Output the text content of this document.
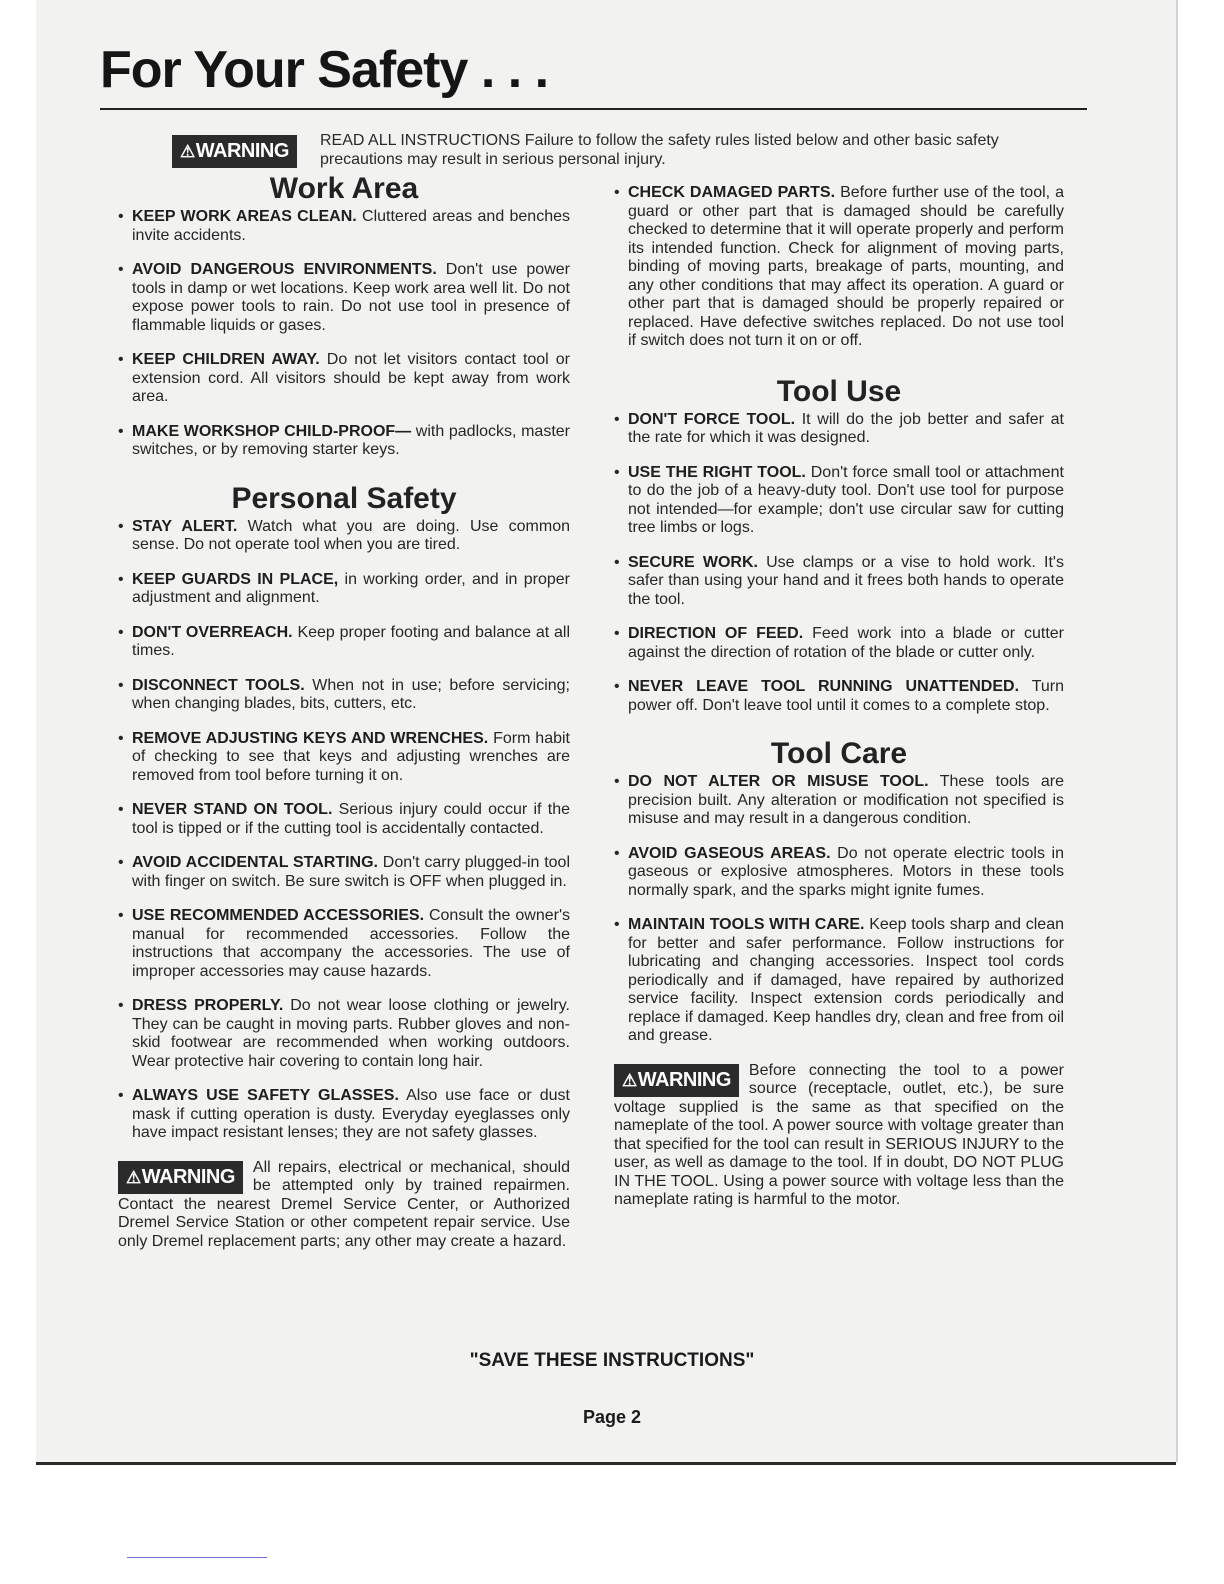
For Your Safety . . .
⚠WARNING	READ ALL INSTRUCTIONS Failure to follow the safety rules listed below and other basic safety precautions may result in serious personal injury.
Work Area

• KEEP WORK AREAS CLEAN. Cluttered areas and benches invite accidents.

• AVOID DANGEROUS ENVIRONMENTS. Don't use power tools in damp or wet locations. Keep work area well lit. Do not expose power tools to rain. Do not use tool in presence of flammable liquids or gases.

• KEEP CHILDREN AWAY. Do not let visitors contact tool or extension cord. All visitors should be kept away from work area.

• MAKE WORKSHOP CHILD-PROOF— with padlocks, master switches, or by removing starter keys.

Personal Safety

• STAY ALERT. Watch what you are doing. Use common sense. Do not operate tool when you are tired.

• KEEP GUARDS IN PLACE, in working order, and in proper adjustment and alignment.

• DON'T OVERREACH. Keep proper footing and balance at all times.

• DISCONNECT TOOLS. When not in use; before servicing; when changing blades, bits, cutters, etc.

• REMOVE ADJUSTING KEYS AND WRENCHES. Form habit of checking to see that keys and adjusting wrenches are removed from tool before turning it on.

• NEVER STAND ON TOOL. Serious injury could occur if the tool is tipped or if the cutting tool is accidentally contacted.

• AVOID ACCIDENTAL STARTING. Don't carry plugged-in tool with finger on switch. Be sure switch is OFF when plugged in.

• USE RECOMMENDED ACCESSORIES. Consult the owner's manual for recommended accessories. Follow the instructions that accompany the accessories. The use of improper accessories may cause hazards.

• DRESS PROPERLY. Do not wear loose clothing or jewelry. They can be caught in moving parts. Rubber gloves and non-skid footwear are recommended when working outdoors. Wear protective hair covering to contain long hair.

• ALWAYS USE SAFETY GLASSES. Also use face or dust mask if cutting operation is dusty. Everyday eyeglasses only have impact resistant lenses; they are not safety glasses.

⚠WARNING	All repairs, electrical or mechanical, should be attempted only by trained repairmen. Contact the nearest Dremel Service Center, or Authorized Dremel Service Station or other competent repair service. Use only Dremel replacement parts; any other may create a hazard.

• CHECK DAMAGED PARTS. Before further use of the tool, a guard or other part that is damaged should be carefully checked to determine that it will operate properly and perform its intended function. Check for alignment of moving parts, binding of moving parts, breakage of parts, mounting, and any other conditions that may affect its operation. A guard or other part that is damaged should be properly repaired or replaced. Have defective switches replaced. Do not use tool if switch does not turn it on or off.

Tool Use

• DON'T FORCE TOOL. It will do the job better and safer at the rate for which it was designed.

• USE THE RIGHT TOOL. Don't force small tool or attachment to do the job of a heavy-duty tool. Don't use tool for purpose not intended—for example; don't use circular saw for cutting tree limbs or logs.

• SECURE WORK. Use clamps or a vise to hold work. It's safer than using your hand and it frees both hands to operate the tool.

• DIRECTION OF FEED. Feed work into a blade or cutter against the direction of rotation of the blade or cutter only.

• NEVER LEAVE TOOL RUNNING UNATTENDED. Turn power off. Don't leave tool until it comes to a complete stop.

Tool Care

• DO NOT ALTER OR MISUSE TOOL. These tools are precision built. Any alteration or modification not specified is misuse and may result in a dangerous condition.

• AVOID GASEOUS AREAS. Do not operate electric tools in gaseous or explosive atmospheres. Motors in these tools normally spark, and the sparks might ignite fumes.

• MAINTAIN TOOLS WITH CARE. Keep tools sharp and clean for better and safer performance. Follow instructions for lubricating and changing accessories. Inspect tool cords periodically and if damaged, have repaired by authorized service facility. Inspect extension cords periodically and replace if damaged. Keep handles dry, clean and free from oil and grease.

⚠WARNING	Before connecting the tool to a power source (receptacle, outlet, etc.), be sure voltage supplied is the same as that specified on the nameplate of the tool. A power source with voltage greater than that specified for the tool can result in SERIOUS INJURY to the user, as well as damage to the tool. If in doubt, DO NOT PLUG IN THE TOOL. Using a power source with voltage less than the nameplate rating is harmful to the motor.
"SAVE THESE INSTRUCTIONS"
Page 2
